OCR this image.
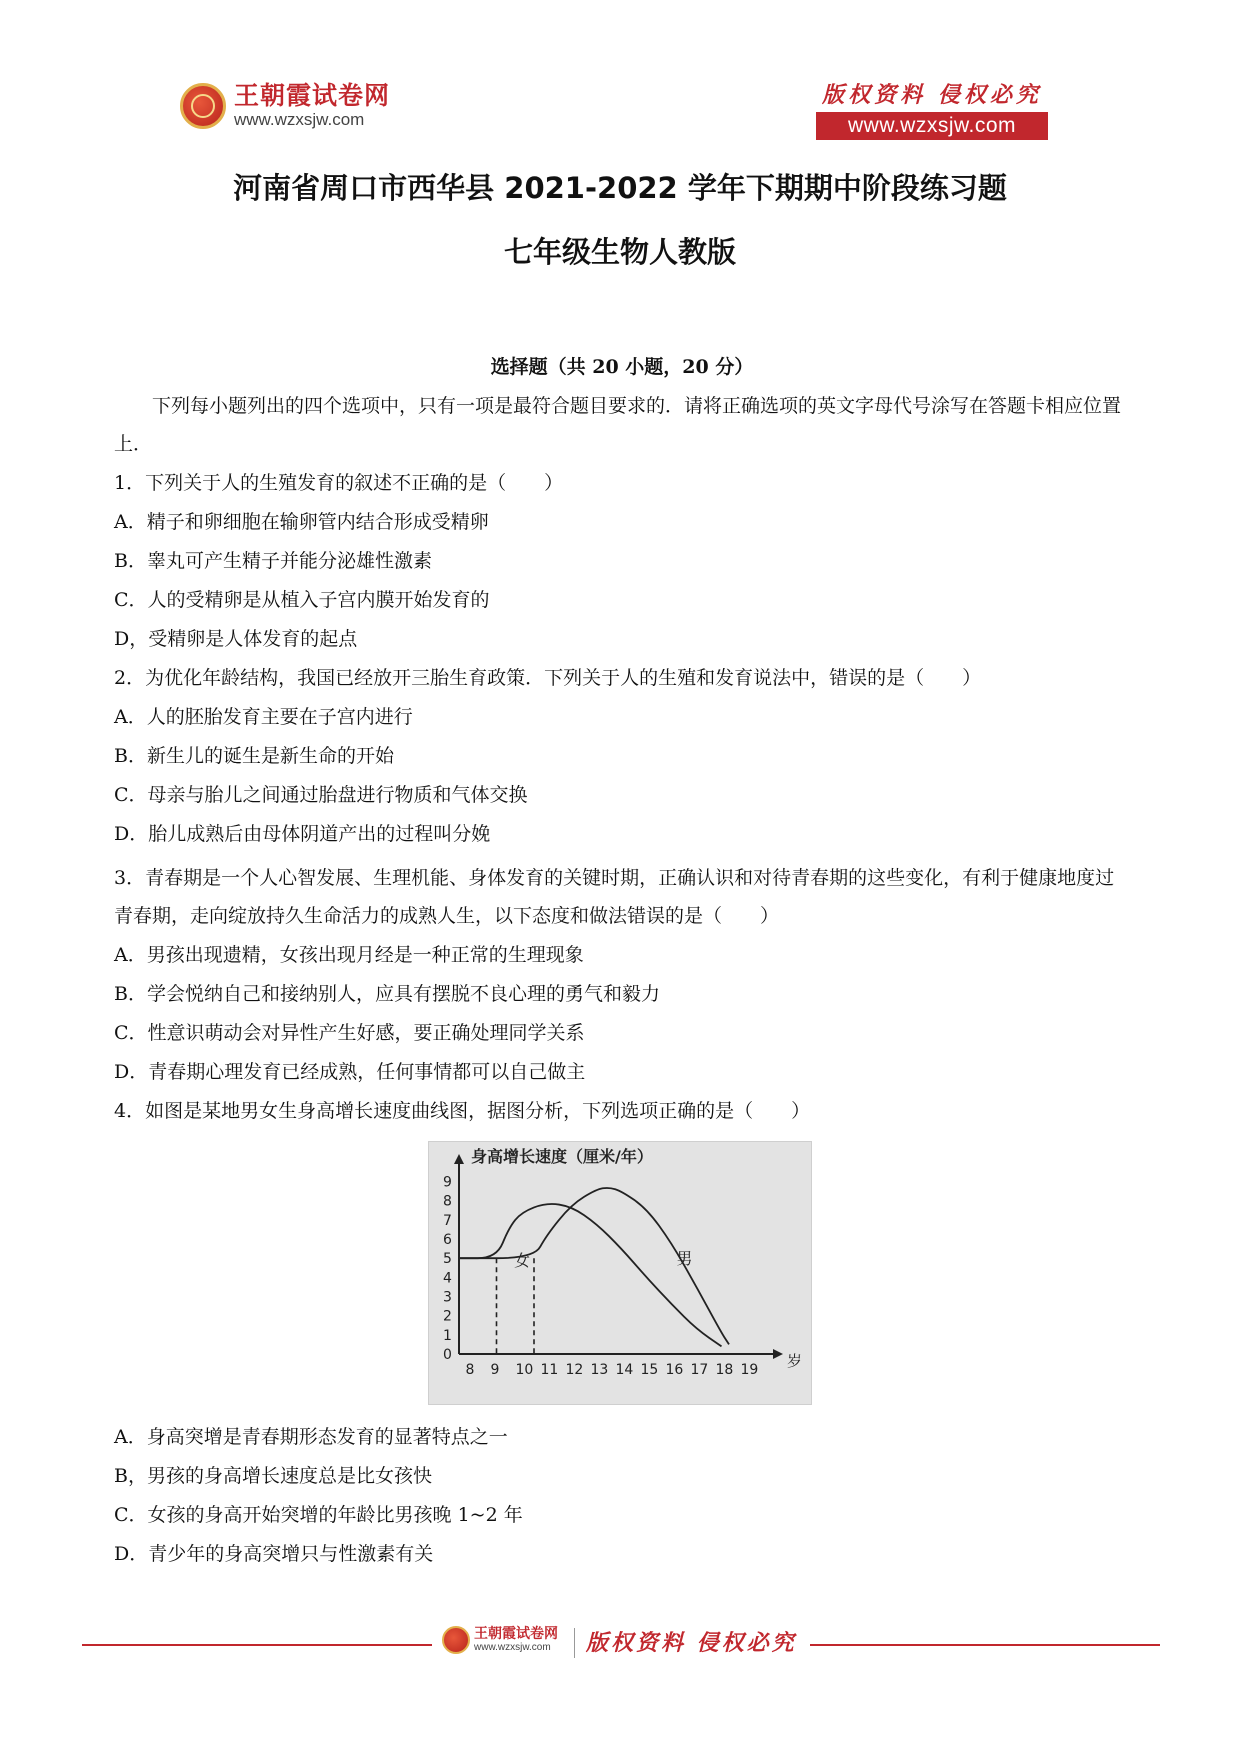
王朝霞试卷网
www.wzxsjw.com
版权资料 侵权必究
www.wzxsjw.com
河南省周口市西华县 2021-2022 学年下期期中阶段练习题
七年级生物人教版
选择题（共 20 小题，20 分）

下列每小题列出的四个选项中，只有一项是最符合题目要求的．请将正确选项的英文字母代号涂写在答题卡相应位置上．

1．下列关于人的生殖发育的叙述不正确的是（　　）

A．精子和卵细胞在输卵管内结合形成受精卵

B．睾丸可产生精子并能分泌雄性激素

C．人的受精卵是从植入子宫内膜开始发育的

D，受精卵是人体发育的起点

2．为优化年龄结构，我国已经放开三胎生育政策．下列关于人的生殖和发育说法中，错误的是（　　）

A．人的胚胎发育主要在子宫内进行

B．新生儿的诞生是新生命的开始

C．母亲与胎儿之间通过胎盘进行物质和气体交换

D．胎儿成熟后由母体阴道产出的过程叫分娩

3．青春期是一个人心智发展、生理机能、身体发育的关键时期，正确认识和对待青春期的这些变化，有利于健康地度过青春期，走向绽放持久生命活力的成熟人生，以下态度和做法错误的是（　　）

A．男孩出现遗精，女孩出现月经是一种正常的生理现象

B．学会悦纳自己和接纳别人，应具有摆脱不良心理的勇气和毅力

C．性意识萌动会对异性产生好感，要正确处理同学关系

D．青春期心理发育已经成熟，任何事情都可以自己做主

4．如图是某地男女生身高增长速度曲线图，据图分析，下列选项正确的是（　　）

身高增长速度（厘米/年）
0
1
2
3
4
5
6
7
8
9
8 9 10 11 12 13 14 15 16 17 18 19 岁
女	男

A．身高突增是青春期形态发育的显著特点之一

B，男孩的身高增长速度总是比女孩快

C．女孩的身高开始突增的年龄比男孩晚 1~2 年

D．青少年的身高突增只与性激素有关

王朝霞试卷网
www.wzxsjw.com	版权资料 侵权必究
